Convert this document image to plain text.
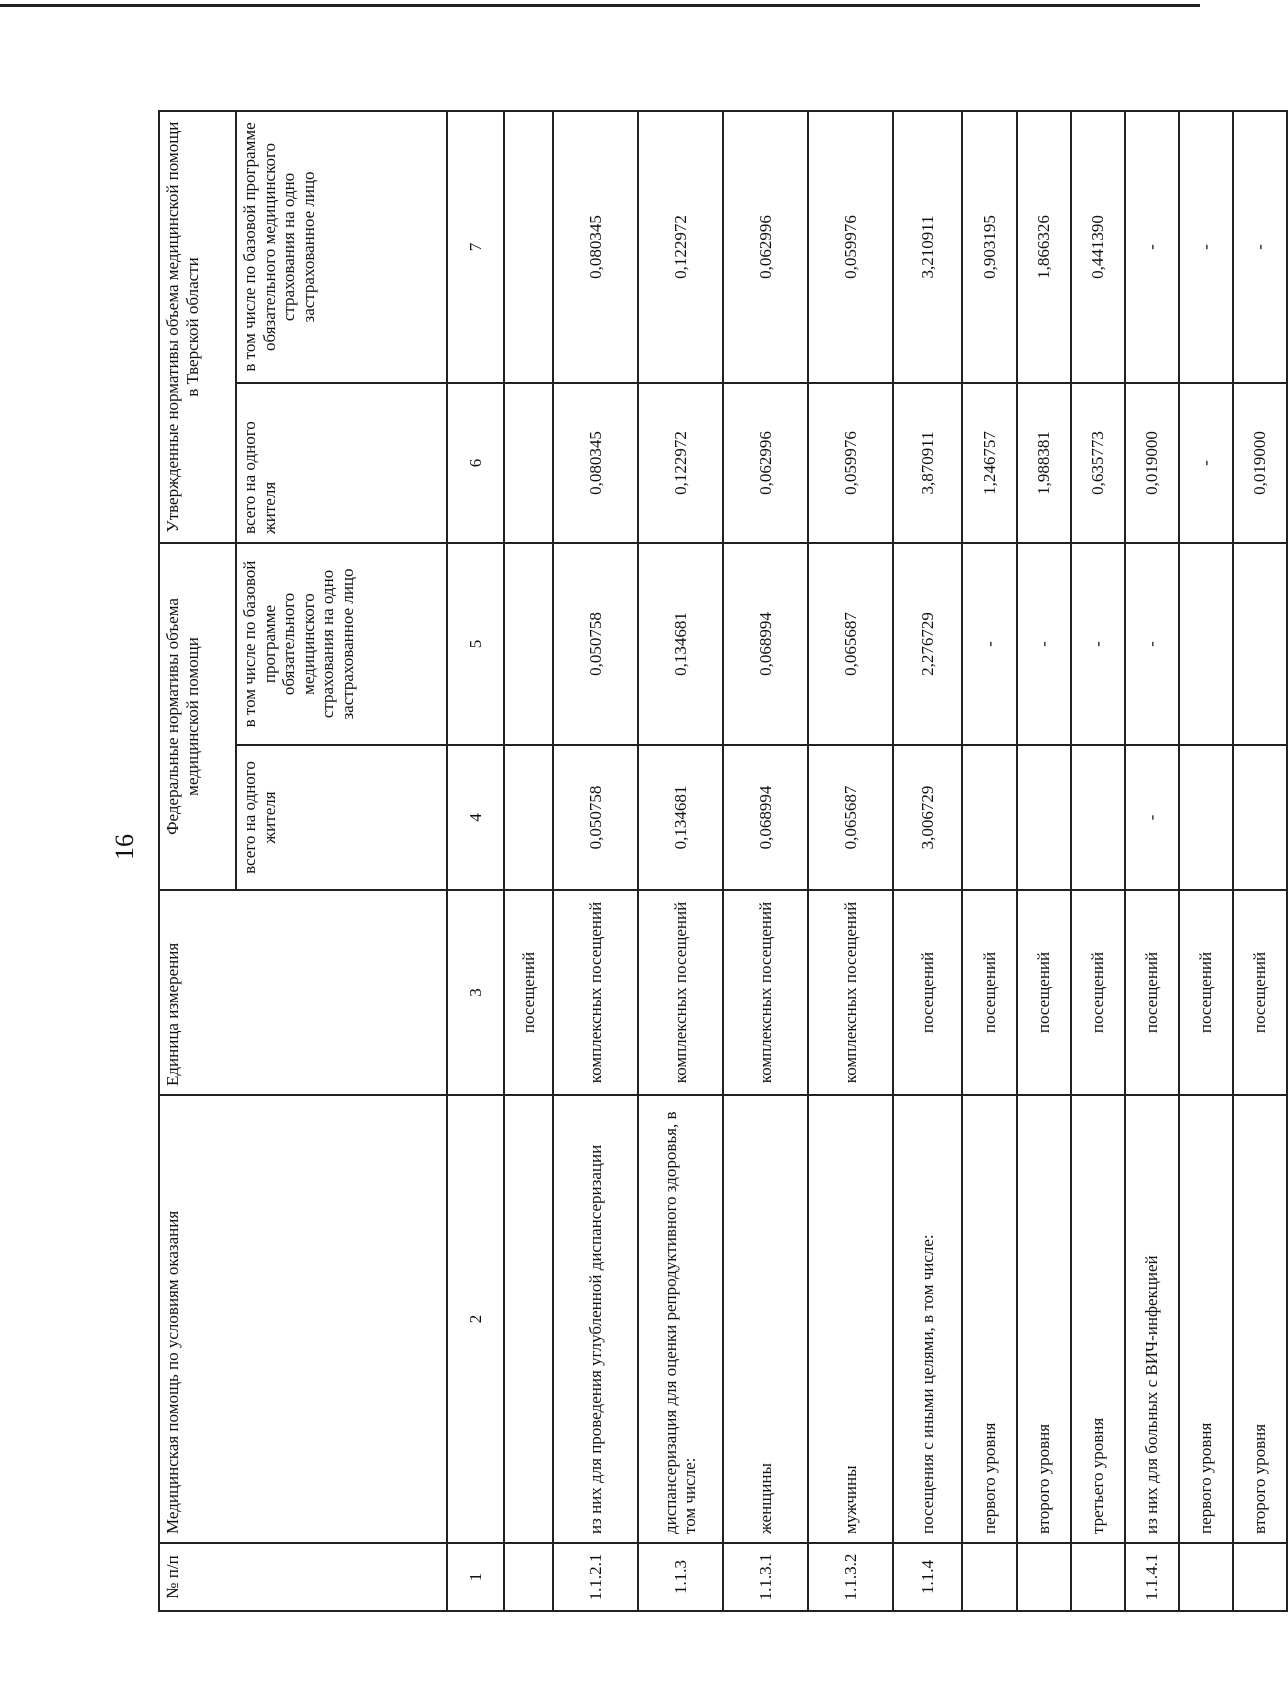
16
№ п/п	Медицинская помощь по условиям оказания	Единица измерения	Федеральные нормативы объема медицинской помощи		Утвержденные нормативы объема медицинской помощи в Тверской области	
			всего на одного жителя	в том числе по базовой программе обязательного медицинского страхования на одно застрахованное лицо	всего на одного жителя	в том числе по базовой программе обязательного медицинского страхования на одно застрахованное лицо
1	2	3	4	5	6	7
		посещений				
1.1.2.1	из них для проведения углубленной диспансеризации	комплексных посещений	0,050758	0,050758	0,080345	0,080345
1.1.3	диспансеризация для оценки репродуктивного здоровья, в том числе:	комплексных посещений	0,134681	0,134681	0,122972	0,122972
1.1.3.1	женщины	комплексных посещений	0,068994	0,068994	0,062996	0,062996
1.1.3.2	мужчины	комплексных посещений	0,065687	0,065687	0,059976	0,059976
1.1.4	посещения с иными целями, в том числе:	посещений	3,006729	2,276729	3,870911	3,210911
	первого уровня	посещений		-	1,246757	0,903195
	второго уровня	посещений		-	1,988381	1,866326
	третьего уровня	посещений		-	0,635773	0,441390
1.1.4.1	из них для больных с ВИЧ-инфекцией	посещений	-	-	0,019000	-
	первого уровня	посещений			-	-
	второго уровня	посещений			0,019000	-
